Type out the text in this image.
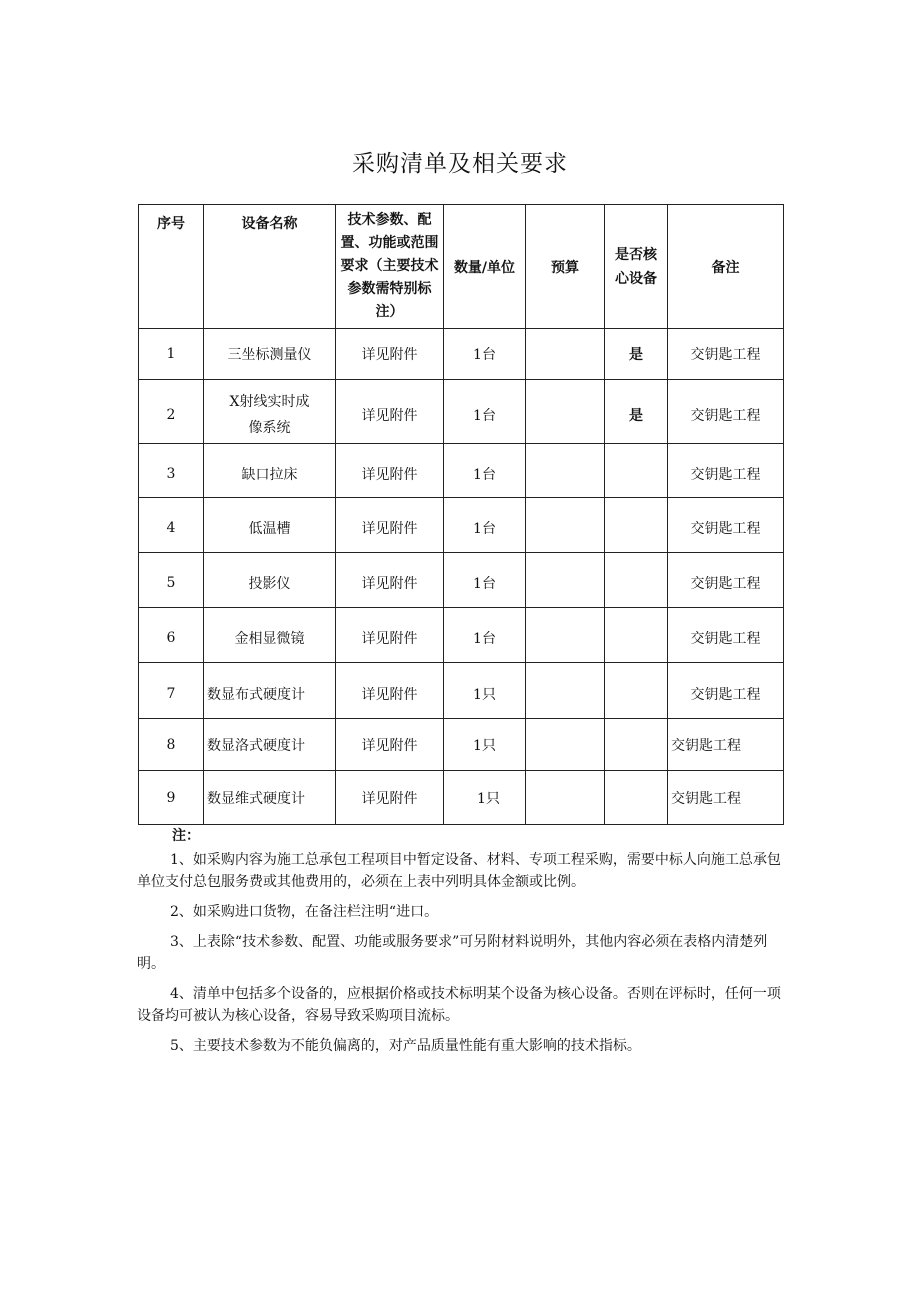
采购清单及相关要求
序号	设备名称	技术参数、配置、功能或范围要求（主要技术参数需特别标注）	数量/单位	预算	是否核心设备	备注
1	三坐标测量仪	详见附件	1台		是	交钥匙工程
2	X射线实时成像系统	详见附件	1台		是	交钥匙工程
3	缺口拉床	详见附件	1台			交钥匙工程
4	低温槽	详见附件	1台			交钥匙工程
5	投影仪	详见附件	1台			交钥匙工程
6	金相显微镜	详见附件	1台			交钥匙工程
7	数显布式硬度计	详见附件	1只			交钥匙工程
8	数显洛式硬度计	详见附件	1只			交钥匙工程
9	数显维式硬度计	详见附件	1只			交钥匙工程

注：

1、如采购内容为施工总承包工程项目中暂定设备、材料、专项工程采购，需要中标人向施工总承包单位支付总包服务费或其他费用的，必须在上表中列明具体金额或比例。

2、如采购进口货物，在备注栏注明“进口。

3、上表除“技术参数、配置、功能或服务要求”可另附材料说明外，其他内容必须在表格内清楚列明。

4、清单中包括多个设备的，应根据价格或技术标明某个设备为核心设备。否则在评标时，任何一项设备均可被认为核心设备，容易导致采购项目流标。

5、主要技术参数为不能负偏离的，对产品质量性能有重大影响的技术指标。
